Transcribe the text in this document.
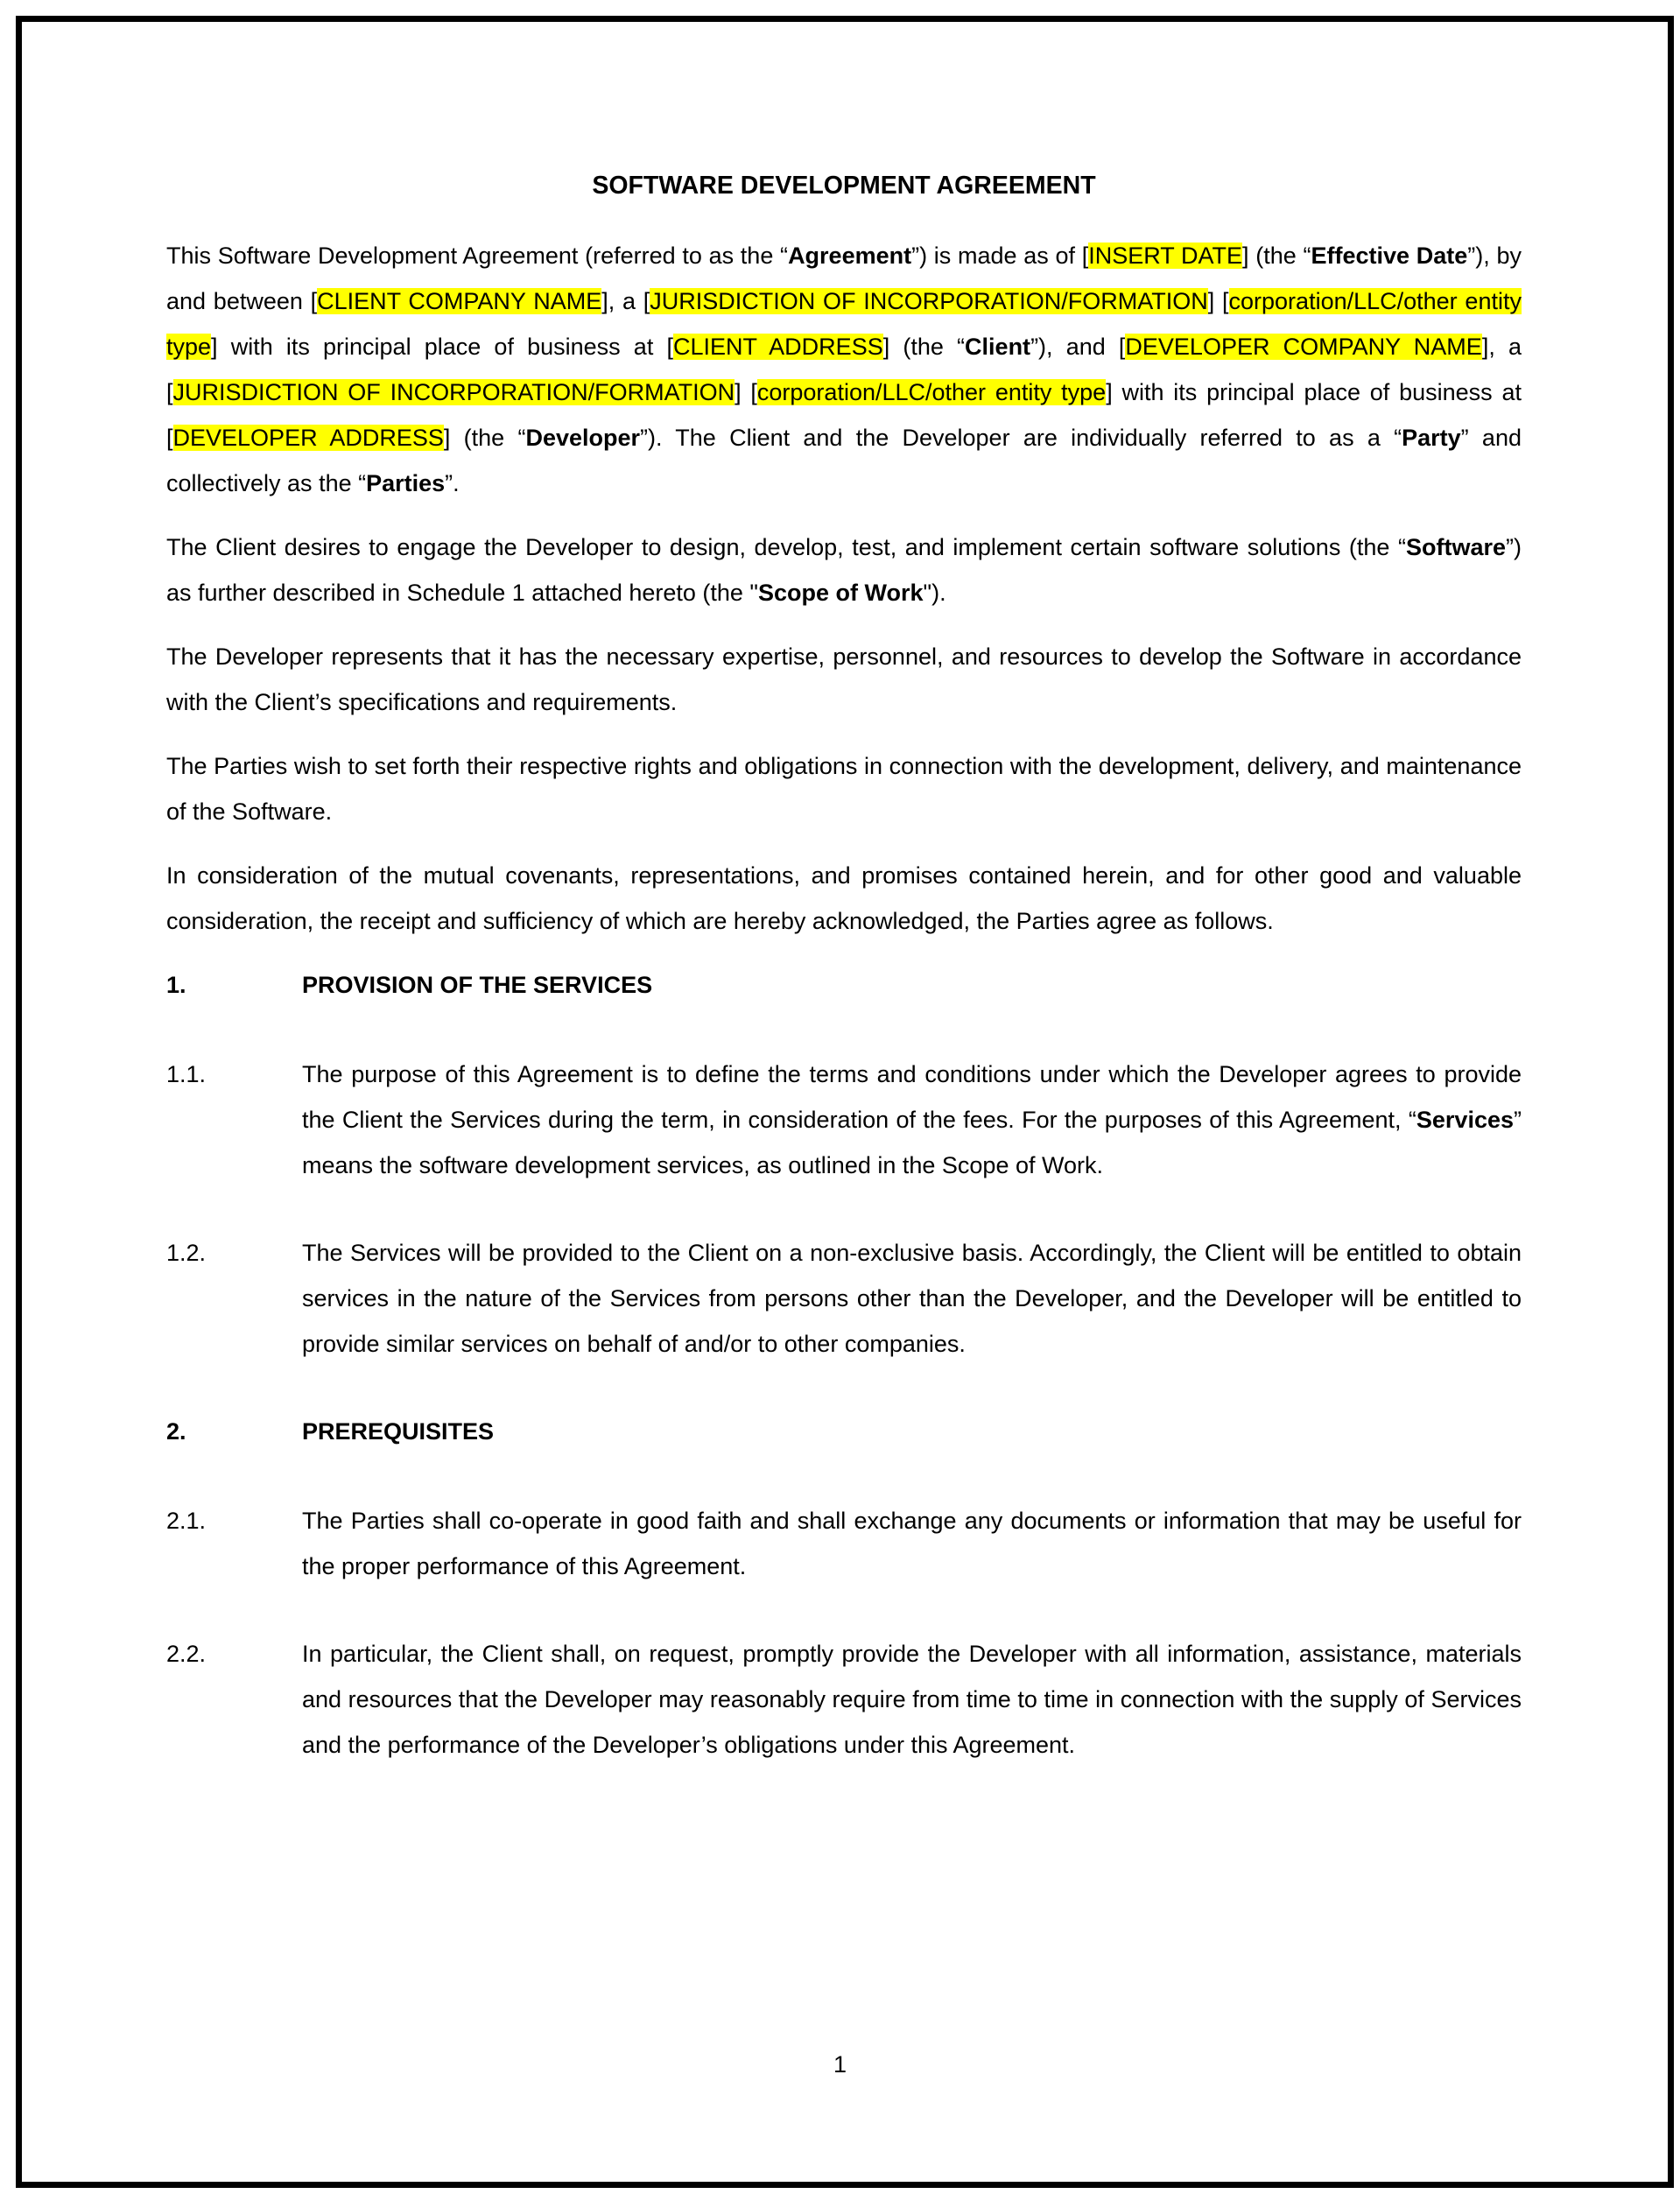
SOFTWARE DEVELOPMENT AGREEMENT

This Software Development Agreement (referred to as the “Agreement”) is made as of [INSERT DATE] (the “Effective Date”), by and between [CLIENT COMPANY NAME], a [JURISDICTION OF INCORPORATION/FORMATION] [corporation/LLC/other entity type] with its principal place of business at [CLIENT ADDRESS] (the “Client”), and [DEVELOPER COMPANY NAME], a [JURISDICTION OF INCORPORATION/FORMATION] [corporation/LLC/other entity type] with its principal place of business at [DEVELOPER ADDRESS] (the “Developer”). The Client and the Developer are individually referred to as a “Party” and collectively as the “Parties”.

The Client desires to engage the Developer to design, develop, test, and implement certain software solutions (the “Software”) as further described in Schedule 1 attached hereto (the "Scope of Work").

The Developer represents that it has the necessary expertise, personnel, and resources to develop the Software in accordance with the Client’s specifications and requirements.

The Parties wish to set forth their respective rights and obligations in connection with the development, delivery, and maintenance of the Software.

In consideration of the mutual covenants, representations, and promises contained herein, and for other good and valuable consideration, the receipt and sufficiency of which are hereby acknowledged, the Parties agree as follows.

1.	PROVISION OF THE SERVICES
1.1.	The purpose of this Agreement is to define the terms and conditions under which the Developer agrees to provide the Client the Services during the term, in consideration of the fees. For the purposes of this Agreement, “Services” means the software development services, as outlined in the Scope of Work.
1.2.	The Services will be provided to the Client on a non-exclusive basis. Accordingly, the Client will be entitled to obtain services in the nature of the Services from persons other than the Developer, and the Developer will be entitled to provide similar services on behalf of and/or to other companies.
2.	PREREQUISITES
2.1.	The Parties shall co-operate in good faith and shall exchange any documents or information that may be useful for the proper performance of this Agreement.
2.2.	In particular, the Client shall, on request, promptly provide the Developer with all information, assistance, materials and resources that the Developer may reasonably require from time to time in connection with the supply of Services and the performance of the Developer’s obligations under this Agreement.
1
